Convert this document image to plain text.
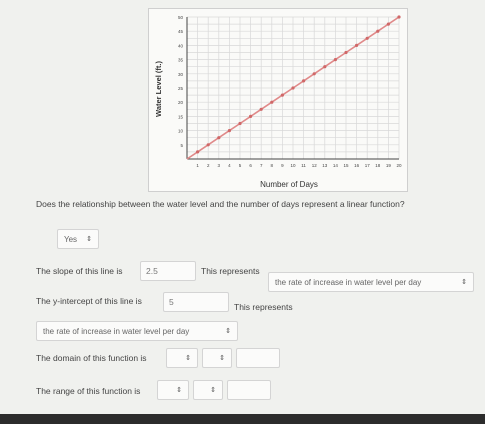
5
10
15
20
25
30
35
40
45
50
1 2 3 4 5 6 7 8 9 10 11 12 13 14 15 16 17 18 19 20
Number of Days
Water Level (ft.)
Does the relationship between the water level and the number of days represent a linear function?
Yes	⇕
The slope of this line is	2.5	This represents
the rate of increase in water level per day	⇕
The y-intercept of this line is	5	This represents
the rate of increase in water level per day	⇕
The domain of this function is	⇕	⇕
The range of this function is	⇕	⇕
